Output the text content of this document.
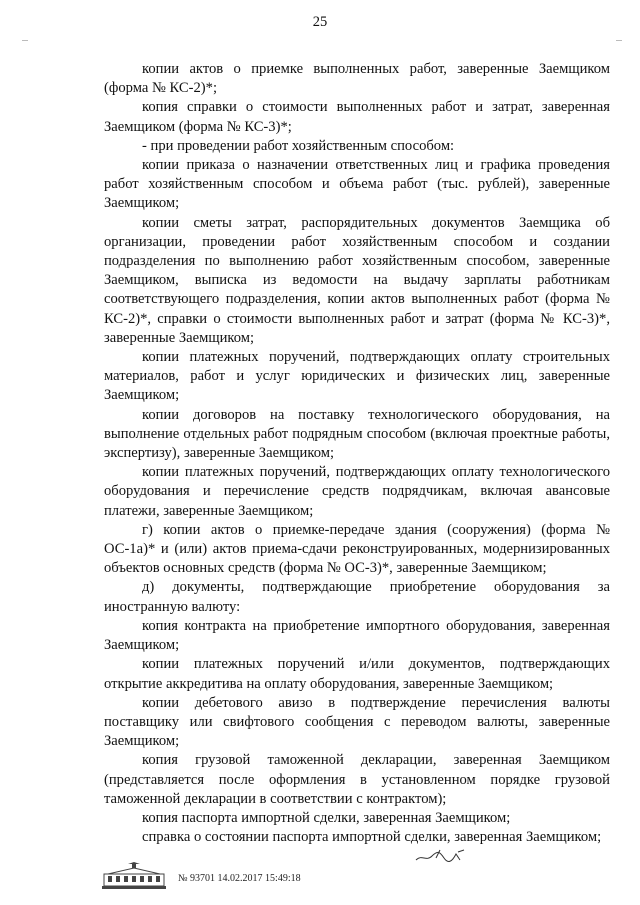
25

копии актов о приемке выполненных работ, заверенные Заемщиком (форма № КС-2)*;

копия справки о стоимости выполненных работ и затрат, заверенная Заемщиком (форма № КС-3)*;

- при проведении работ хозяйственным способом:

копии приказа о назначении ответственных лиц и графика проведения работ хозяйственным способом и объема работ (тыс. рублей), заверенные Заемщиком;

копии сметы затрат, распорядительных документов Заемщика об организации, проведении работ хозяйственным способом и создании подразделения по выполнению работ хозяйственным способом, заверенные Заемщиком, выписка из ведомости на выдачу зарплаты работникам соответствующего подразделения, копии актов выполненных работ (форма № КС-2)*, справки о стоимости выполненных работ и затрат (форма № КС-3)*, заверенные Заемщиком;

копии платежных поручений, подтверждающих оплату строительных материалов, работ и услуг юридических и физических лиц, заверенные Заемщиком;

копии договоров на поставку технологического оборудования, на выполнение отдельных работ подрядным способом (включая проектные работы, экспертизу), заверенные Заемщиком;

копии платежных поручений, подтверждающих оплату технологического оборудования и перечисление средств подрядчикам, включая авансовые платежи, заверенные Заемщиком;

г) копии актов о приемке-передаче здания (сооружения) (форма № ОС-1а)* и (или) актов приема-сдачи реконструированных, модернизированных объектов основных средств (форма № ОС-3)*, заверенные Заемщиком;

д) документы, подтверждающие приобретение оборудования за иностранную валюту:

копия контракта на приобретение импортного оборудования, заверенная Заемщиком;

копии платежных поручений и/или документов, подтверждающих открытие аккредитива на оплату оборудования, заверенные Заемщиком;

копии дебетового авизо в подтверждение перечисления валюты поставщику или свифтового сообщения с переводом валюты, заверенные Заемщиком;

копия грузовой таможенной декларации, заверенная Заемщиком (представляется после оформления в установленном порядке грузовой таможенной декларации в соответствии с контрактом);

копия паспорта импортной сделки, заверенная Заемщиком;

справка о состоянии паспорта импортной сделки, заверенная Заемщиком;

№ 93701 14.02.2017 15:49:18
